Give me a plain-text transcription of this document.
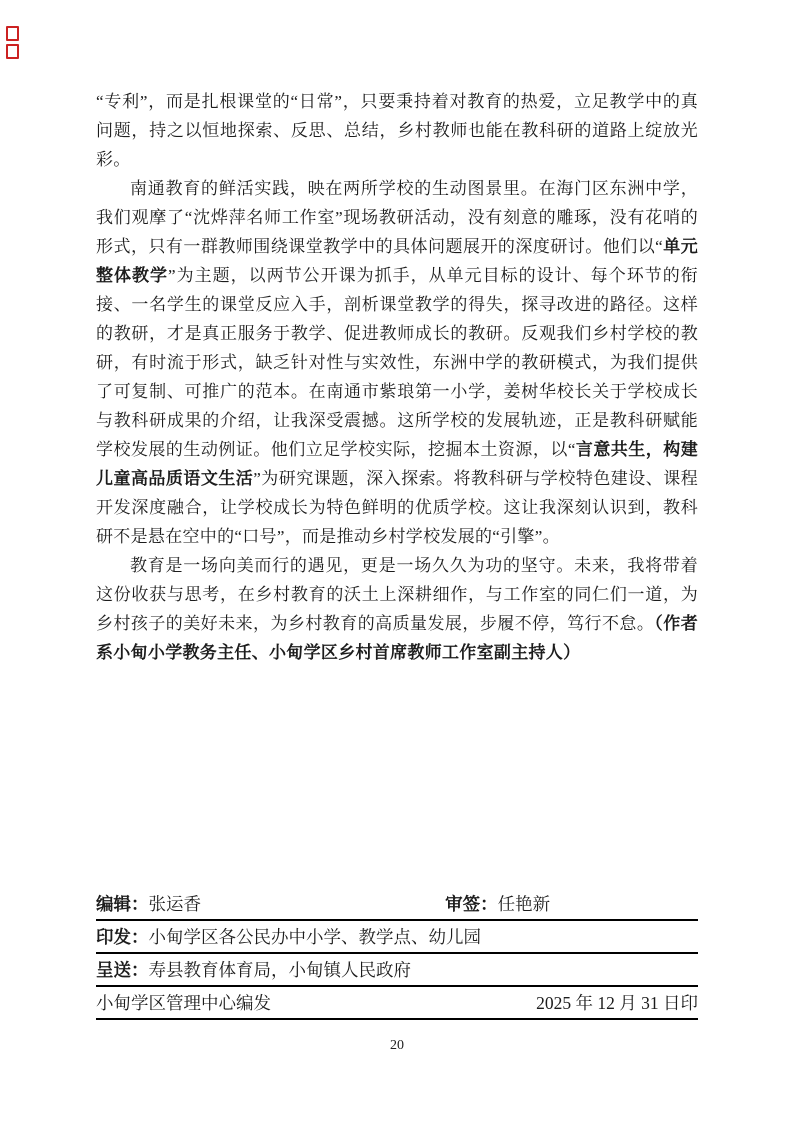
“专利”，而是扎根课堂的“日常”，只要秉持着对教育的热爱，立足教学中的真问题，持之以恒地探索、反思、总结，乡村教师也能在教科研的道路上绽放光彩。

南通教育的鲜活实践，映在两所学校的生动图景里。在海门区东洲中学，我们观摩了“沈烨萍名师工作室”现场教研活动，没有刻意的雕琢，没有花哨的形式，只有一群教师围绕课堂教学中的具体问题展开的深度研讨。他们以“单元整体教学”为主题，以两节公开课为抓手，从单元目标的设计、每个环节的衔接、一名学生的课堂反应入手，剖析课堂教学的得失，探寻改进的路径。这样的教研，才是真正服务于教学、促进教师成长的教研。反观我们乡村学校的教研，有时流于形式，缺乏针对性与实效性，东洲中学的教研模式，为我们提供了可复制、可推广的范本。在南通市紫琅第一小学，姜树华校长关于学校成长与教科研成果的介绍，让我深受震撼。这所学校的发展轨迹，正是教科研赋能学校发展的生动例证。他们立足学校实际，挖掘本土资源，以“言意共生，构建儿童高品质语文生活”为研究课题，深入探索。将教科研与学校特色建设、课程开发深度融合，让学校成长为特色鲜明的优质学校。这让我深刻认识到，教科研不是悬在空中的“口号”，而是推动乡村学校发展的“引擎”。

教育是一场向美而行的遇见，更是一场久久为功的坚守。未来，我将带着这份收获与思考，在乡村教育的沃土上深耕细作，与工作室的同仁们一道，为乡村孩子的美好未来，为乡村教育的高质量发展，步履不停，笃行不怠。（作者系小甸小学教务主任、小甸学区乡村首席教师工作室副主持人）

编辑：张运香	审签：任艳新
印发： 小甸学区各公民办中小学、教学点、幼儿园
呈送： 寿县教育体育局，小甸镇人民政府
小甸学区管理中心编发	2025 年 12 月 31 日印
20
